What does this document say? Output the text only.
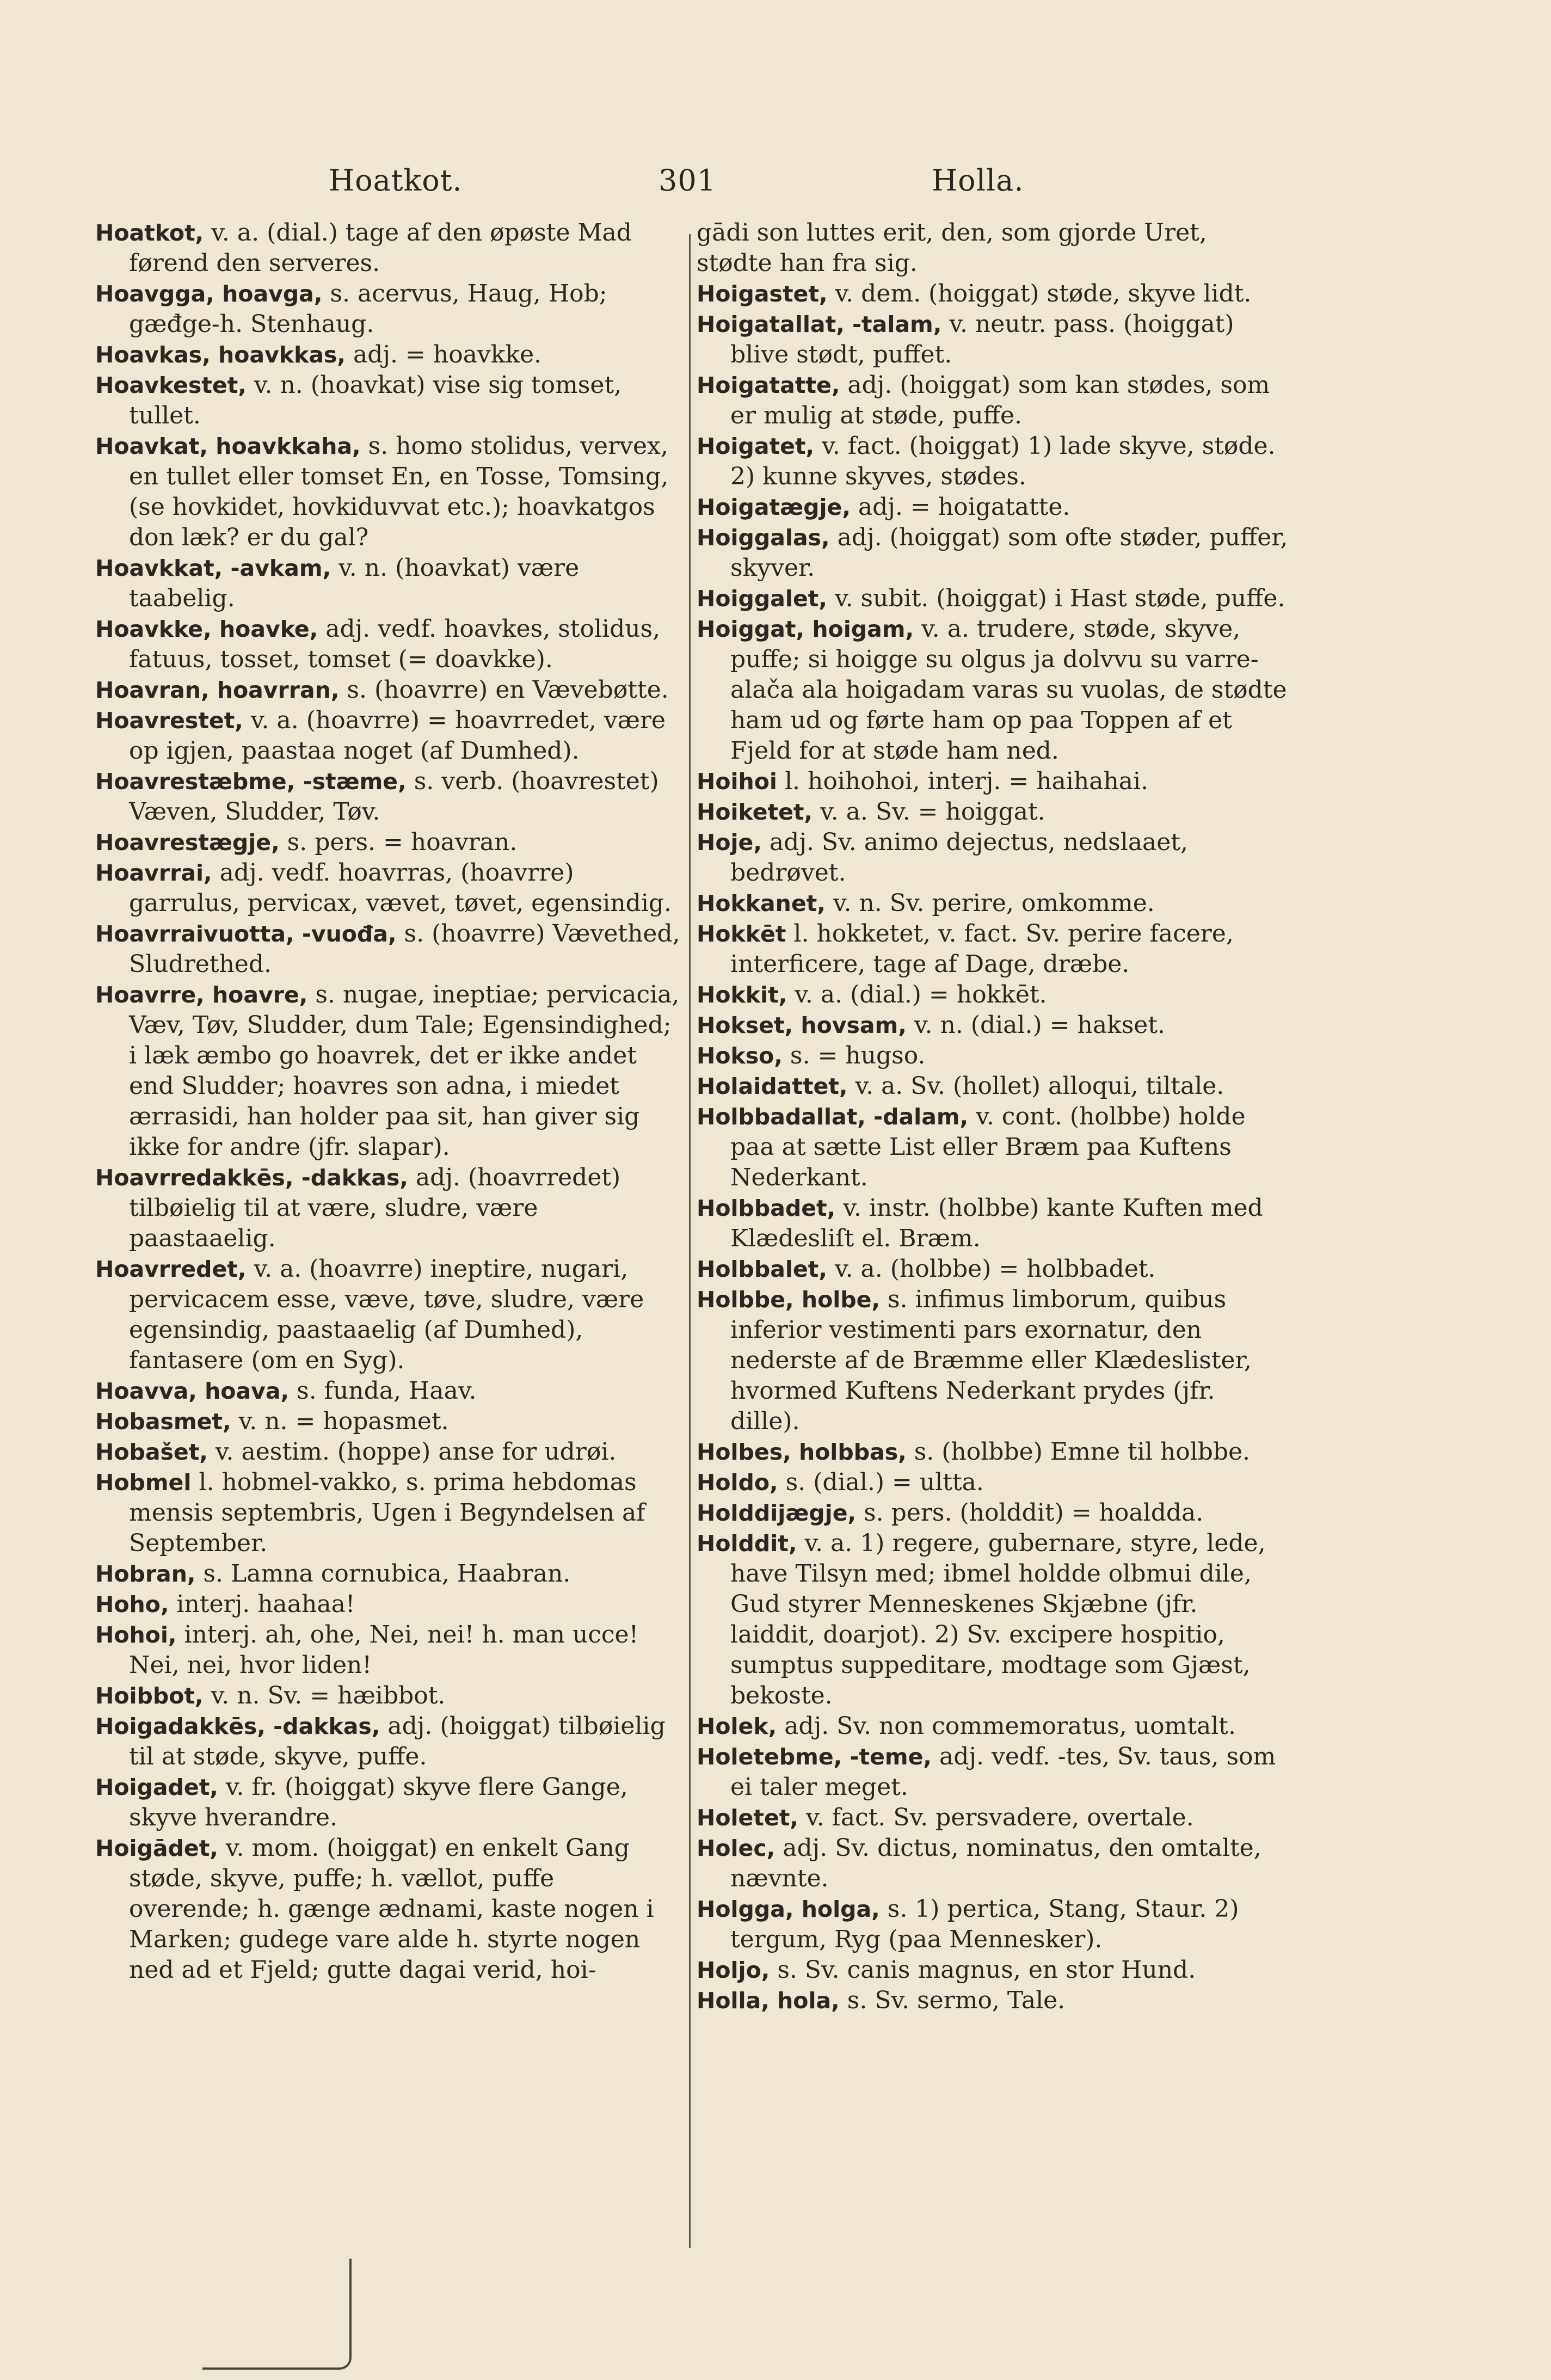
Hoatkot.	301	Holla.
Hoatkot, v. a. (dial.) tage af den øpøste Mad førend den serveres.
Hoavgga, hoavga, s. acervus, Haug, Hob; gæđge-h. Stenhaug.
Hoavkas, hoavkkas, adj. = hoavkke.
Hoavkestet, v. n. (hoavkat) vise sig tomset, tullet.
Hoavkat, hoavkkaha, s. homo stolidus, vervex, en tullet eller tomset En, en Tosse, Tomsing, (se hovkidet, hovkiduvvat etc.); hoavkatgos don læk? er du gal?
Hoavkkat, -avkam, v. n. (hoavkat) være taabelig.
Hoavkke, hoavke, adj. vedf. hoavkes, stolidus, fatuus, tosset, tomset (= doavkke).
Hoavran, hoavrran, s. (hoavrre) en Vævebøtte.
Hoavrestet, v. a. (hoavrre) = hoavrredet, være op igjen, paastaa noget (af Dumhed).
Hoavrestæbme, -stæme, s. verb. (hoavrestet) Væven, Sludder, Tøv.
Hoavrestægje, s. pers. = hoavran.
Hoavrrai, adj. vedf. hoavrras, (hoavrre) garrulus, pervicax, vævet, tøvet, egensindig.
Hoavrraivuotta, -vuođa, s. (hoavrre) Vævethed, Sludrethed.
Hoavrre, hoavre, s. nugae, ineptiae; pervicacia, Væv, Tøv, Sludder, dum Tale; Egensindighed; i læk æmbo go hoavrek, det er ikke andet end Sludder; hoavres son adna, i miedet ærrasidi, han holder paa sit, han giver sig ikke for andre (jfr. slapar).
Hoavrredakkēs, -dakkas, adj. (hoavrredet) tilbøielig til at være, sludre, være paastaaelig.
Hoavrredet, v. a. (hoavrre) ineptire, nugari, pervicacem esse, væve, tøve, sludre, være egensindig, paastaaelig (af Dumhed), fantasere (om en Syg).
Hoavva, hoava, s. funda, Haav.
Hobasmet, v. n. = hopasmet.
Hobašet, v. aestim. (hoppe) anse for udrøi.
Hobmel l. hobmel-vakko, s. prima hebdomas mensis septembris, Ugen i Begyndelsen af September.
Hobran, s. Lamna cornubica, Haabran.
Hoho, interj. haahaa!
Hohoi, interj. ah, ohe, Nei, nei! h. man ucce! Nei, nei, hvor liden!
Hoibbot, v. n. Sv. = hæibbot.
Hoigadakkēs, -dakkas, adj. (hoiggat) tilbøielig til at støde, skyve, puffe.
Hoigadet, v. fr. (hoiggat) skyve flere Gange, skyve hverandre.
Hoigādet, v. mom. (hoiggat) en enkelt Gang støde, skyve, puffe; h. vællot, puffe overende; h. gænge ædnami, kaste nogen i Marken; gudege vare alde h. styrte nogen ned ad et Fjeld; gutte dagai verid, hoi-
gādi son luttes erit, den, som gjorde Uret, stødte han fra sig.
Hoigastet, v. dem. (hoiggat) støde, skyve lidt.
Hoigatallat, -talam, v. neutr. pass. (hoiggat) blive stødt, puffet.
Hoigatatte, adj. (hoiggat) som kan stødes, som er mulig at støde, puffe.
Hoigatet, v. fact. (hoiggat) 1) lade skyve, støde. 2) kunne skyves, stødes.
Hoigatægje, adj. = hoigatatte.
Hoiggalas, adj. (hoiggat) som ofte støder, puffer, skyver.
Hoiggalet, v. subit. (hoiggat) i Hast støde, puffe.
Hoiggat, hoigam, v. a. trudere, støde, skyve, puffe; si hoigge su olgus ja dolvvu su varre-alača ala hoigadam varas su vuolas, de stødte ham ud og førte ham op paa Toppen af et Fjeld for at støde ham ned.
Hoihoi l. hoihohoi, interj. = haihahai.
Hoiketet, v. a. Sv. = hoiggat.
Hoje, adj. Sv. animo dejectus, nedslaaet, bedrøvet.
Hokkanet, v. n. Sv. perire, omkomme.
Hokkēt l. hokketet, v. fact. Sv. perire facere, interficere, tage af Dage, dræbe.
Hokkit, v. a. (dial.) = hokkēt.
Hokset, hovsam, v. n. (dial.) = hakset.
Hokso, s. = hugso.
Holaidattet, v. a. Sv. (hollet) alloqui, tiltale.
Holbbadallat, -dalam, v. cont. (holbbe) holde paa at sætte List eller Bræm paa Kuftens Nederkant.
Holbbadet, v. instr. (holbbe) kante Kuften med Klædesliſt el. Bræm.
Holbbalet, v. a. (holbbe) = holbbadet.
Holbbe, holbe, s. infimus limborum, quibus inferior vestimenti pars exornatur, den nederste af de Bræmme eller Klædeslister, hvormed Kuftens Nederkant prydes (jfr. dille).
Holbes, holbbas, s. (holbbe) Emne til holbbe.
Holdo, s. (dial.) = ultta.
Holddijægje, s. pers. (holddit) = hoaldda.
Holddit, v. a. 1) regere, gubernare, styre, lede, have Tilsyn med; ibmel holdde olbmui dile, Gud styrer Menneskenes Skjæbne (jfr. laiddit, doarjot). 2) Sv. excipere hospitio, sumptus suppeditare, modtage som Gjæst, bekoste.
Holek, adj. Sv. non commemoratus, uomtalt.
Holetebme, -teme, adj. vedf. -tes, Sv. taus, som ei taler meget.
Holetet, v. fact. Sv. persvadere, overtale.
Holec, adj. Sv. dictus, nominatus, den omtalte, nævnte.
Holgga, holga, s. 1) pertica, Stang, Staur. 2) tergum, Ryg (paa Mennesker).
Holjo, s. Sv. canis magnus, en stor Hund.
Holla, hola, s. Sv. sermo, Tale.
